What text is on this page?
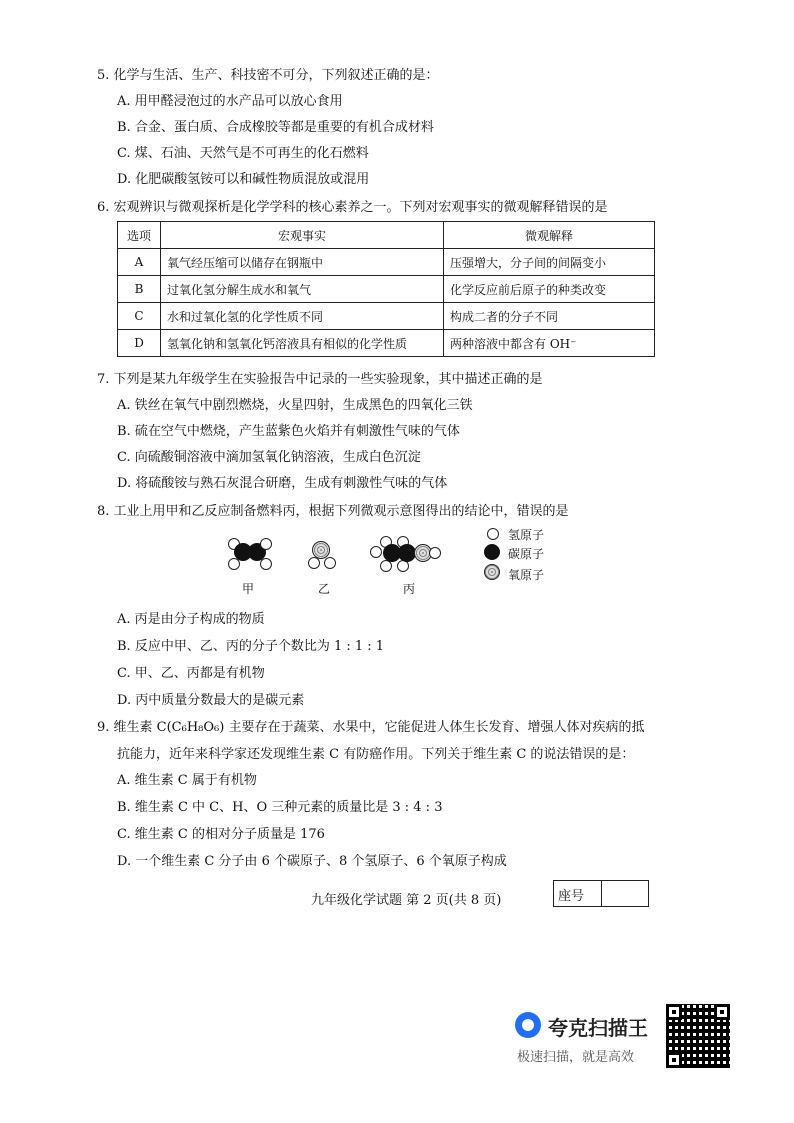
5. 化学与生活、生产、科技密不可分，下列叙述正确的是：
A. 用甲醛浸泡过的水产品可以放心食用
B. 合金、蛋白质、合成橡胶等都是重要的有机合成材料
C. 煤、石油、天然气是不可再生的化石燃料
D. 化肥碳酸氢铵可以和碱性物质混放或混用
6. 宏观辨识与微观探析是化学学科的核心素养之一。下列对宏观事实的微观解释错误的是
选项	宏观事实	微观解释
A	氧气经压缩可以储存在钢瓶中	压强增大，分子间的间隔变小
B	过氧化氢分解生成水和氧气	化学反应前后原子的种类改变
C	水和过氧化氢的化学性质不同	构成二者的分子不同
D	氢氧化钠和氢氧化钙溶液具有相似的化学性质	两种溶液中都含有 OH⁻
7. 下列是某九年级学生在实验报告中记录的一些实验现象，其中描述正确的是
A. 铁丝在氧气中剧烈燃烧，火星四射，生成黑色的四氧化三铁
B. 硫在空气中燃烧，产生蓝紫色火焰并有刺激性气味的气体
C. 向硫酸铜溶液中滴加氢氧化钠溶液，生成白色沉淀
D. 将硫酸铵与熟石灰混合研磨，生成有刺激性气味的气体
8. 工业上用甲和乙反应制备燃料丙，根据下列微观示意图得出的结论中，错误的是
甲	乙	丙
氢原子
碳原子
氧原子
A. 丙是由分子构成的物质
B. 反应中甲、乙、丙的分子个数比为 1 : 1 : 1
C. 甲、乙、丙都是有机物
D. 丙中质量分数最大的是碳元素
9. 维生素 C(C₆H₈O₆) 主要存在于蔬菜、水果中，它能促进人体生长发育、增强人体对疾病的抵
抗能力，近年来科学家还发现维生素 C 有防癌作用。下列关于维生素 C 的说法错误的是：
A. 维生素 C 属于有机物
B. 维生素 C 中 C、H、O 三种元素的质量比是 3 : 4 : 3
C. 维生素 C 的相对分子质量是 176
D. 一个维生素 C 分子由 6 个碳原子、8 个氢原子、6 个氧原子构成
九年级化学试题 第 2 页(共 8 页)	座号
夸克扫描王
极速扫描，就是高效
